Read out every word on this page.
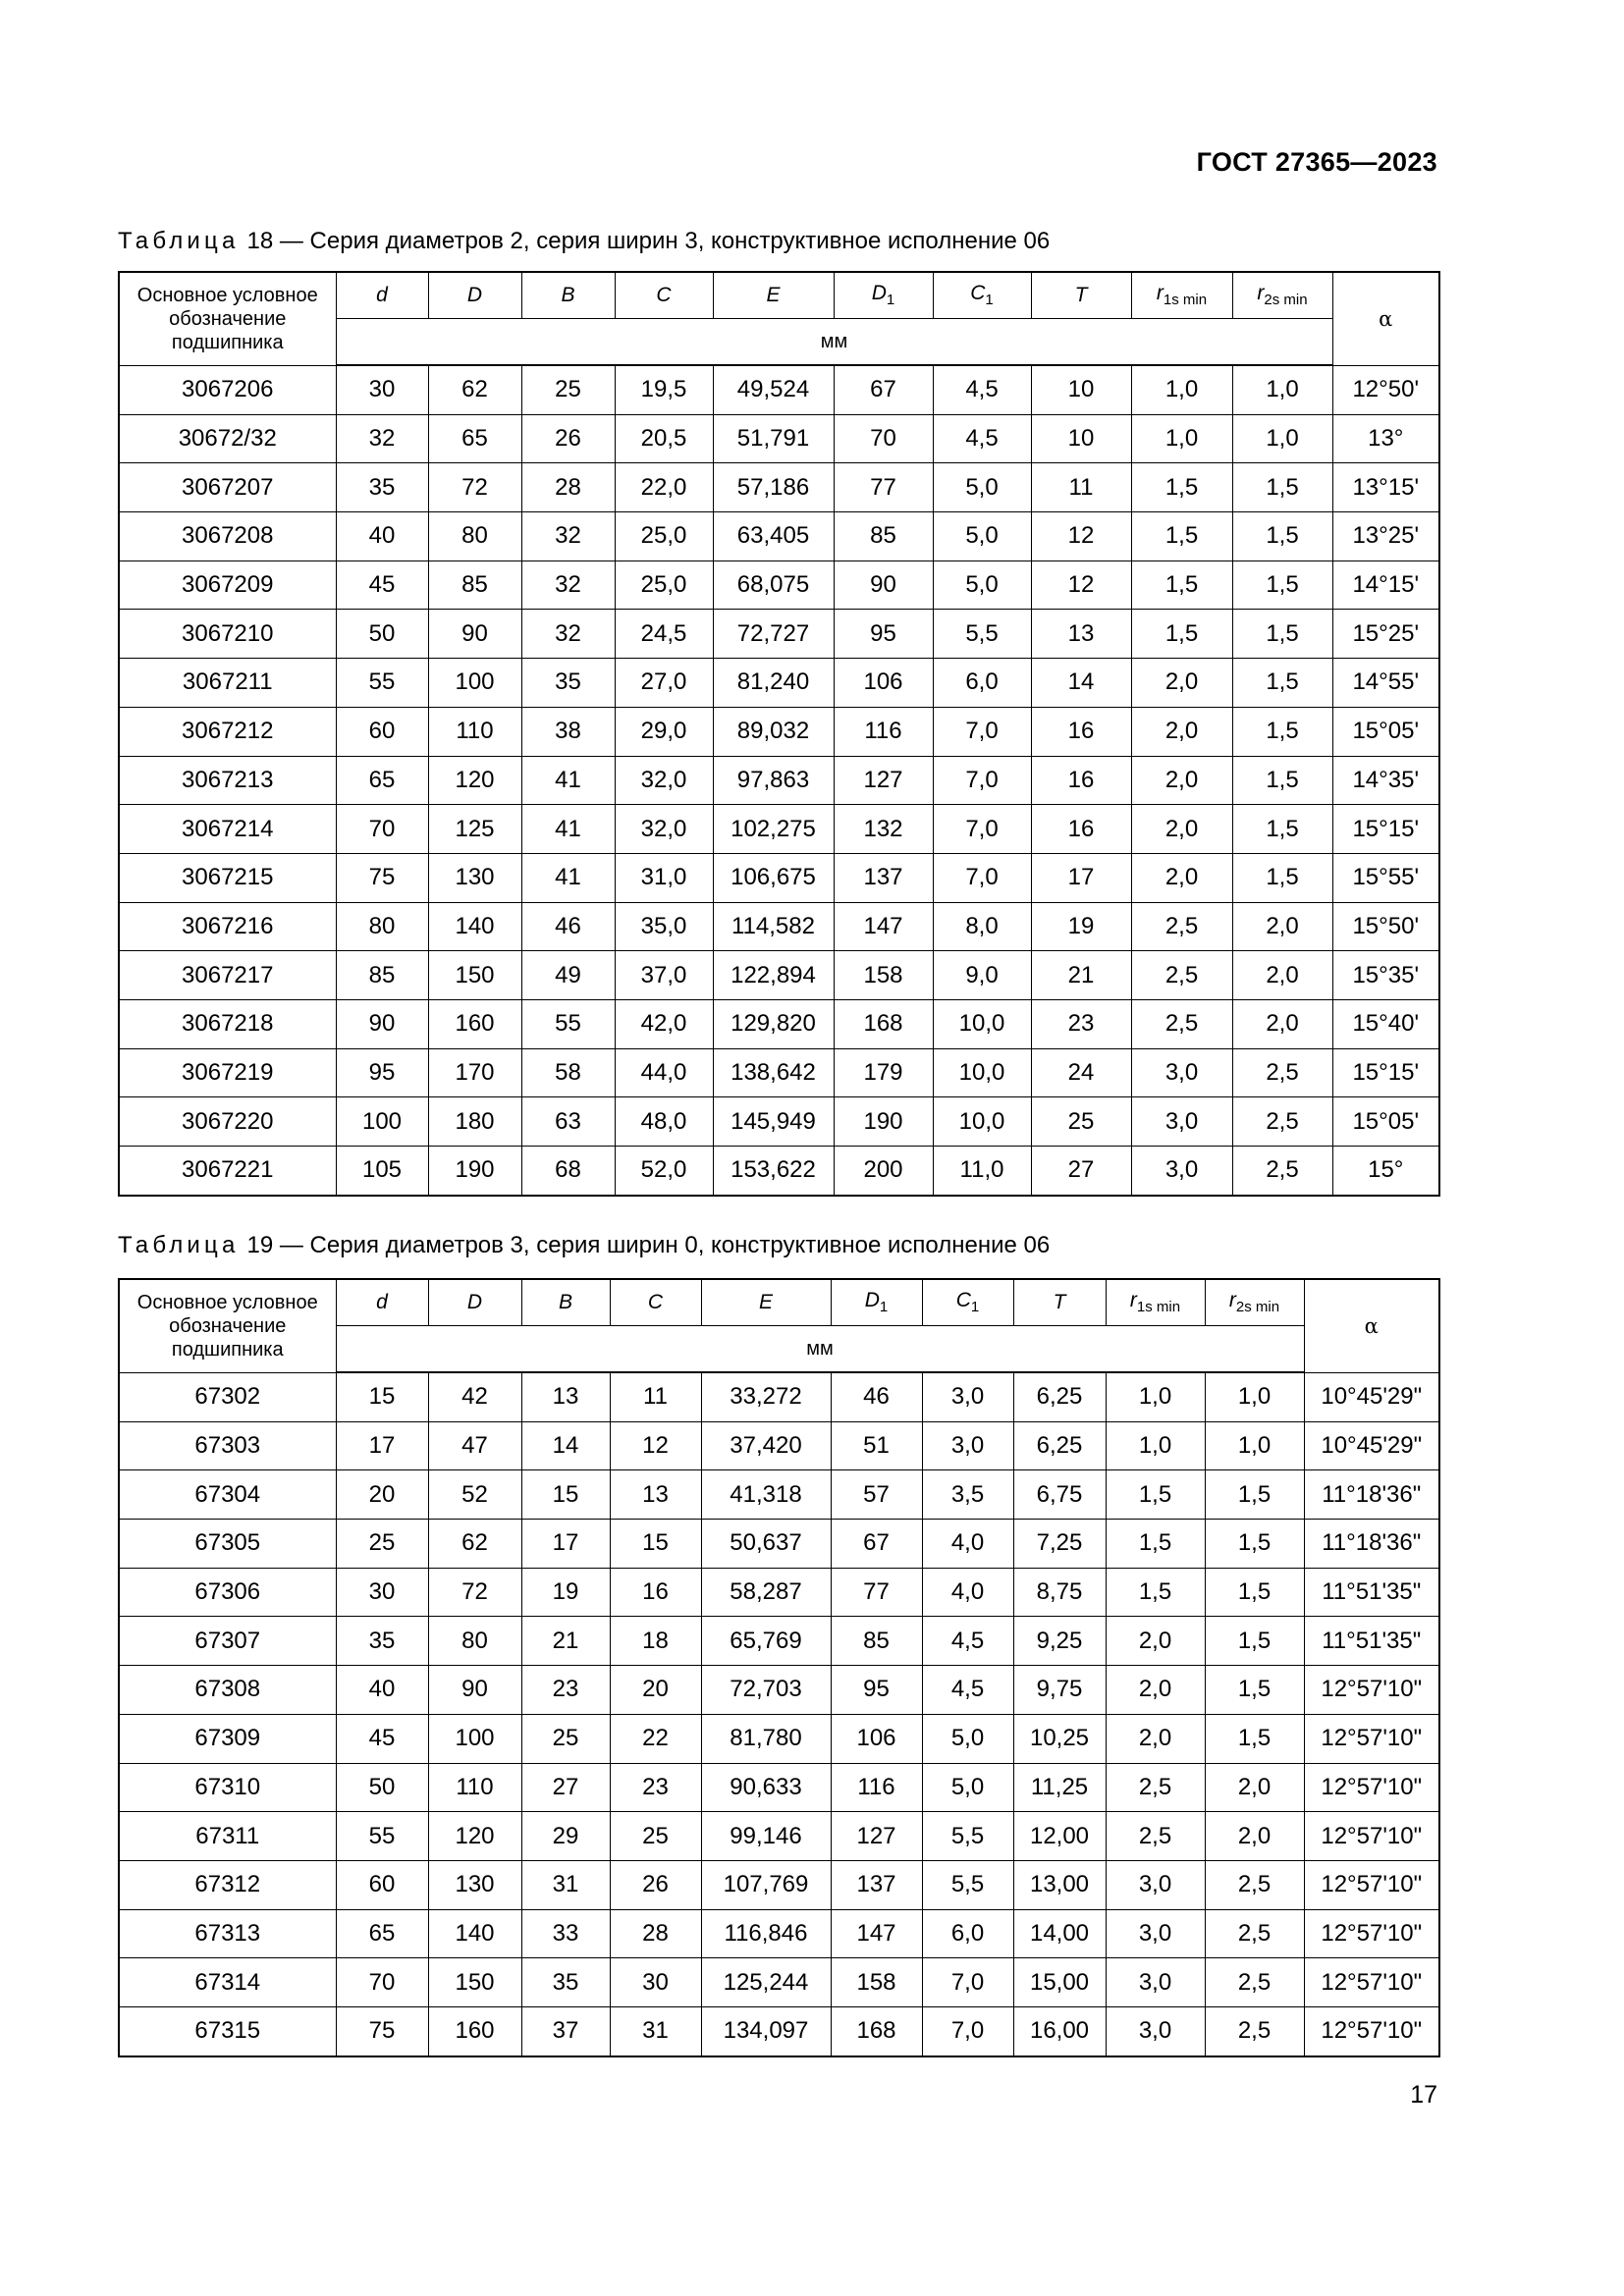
ГОСТ 27365—2023
Таблица 18 — Серия диаметров 2, серия ширин 3, конструктивное исполнение 06
Основное условное
обозначение
подшипника	d	D	B	C	E	$D_1$	$C_1$	T	$r_{1s min}$	$r_{2s min}$	α
	мм										
3067206	30	62	25	19,5	49,524	67	4,5	10	1,0	1,0	12°50'
30672/32	32	65	26	20,5	51,791	70	4,5	10	1,0	1,0	13°
3067207	35	72	28	22,0	57,186	77	5,0	11	1,5	1,5	13°15'
3067208	40	80	32	25,0	63,405	85	5,0	12	1,5	1,5	13°25'
3067209	45	85	32	25,0	68,075	90	5,0	12	1,5	1,5	14°15'
3067210	50	90	32	24,5	72,727	95	5,5	13	1,5	1,5	15°25'
3067211	55	100	35	27,0	81,240	106	6,0	14	2,0	1,5	14°55'
3067212	60	110	38	29,0	89,032	116	7,0	16	2,0	1,5	15°05'
3067213	65	120	41	32,0	97,863	127	7,0	16	2,0	1,5	14°35'
3067214	70	125	41	32,0	102,275	132	7,0	16	2,0	1,5	15°15'
3067215	75	130	41	31,0	106,675	137	7,0	17	2,0	1,5	15°55'
3067216	80	140	46	35,0	114,582	147	8,0	19	2,5	2,0	15°50'
3067217	85	150	49	37,0	122,894	158	9,0	21	2,5	2,0	15°35'
3067218	90	160	55	42,0	129,820	168	10,0	23	2,5	2,0	15°40'
3067219	95	170	58	44,0	138,642	179	10,0	24	3,0	2,5	15°15'
3067220	100	180	63	48,0	145,949	190	10,0	25	3,0	2,5	15°05'
3067221	105	190	68	52,0	153,622	200	11,0	27	3,0	2,5	15°
Таблица 19 — Серия диаметров 3, серия ширин 0, конструктивное исполнение 06
Основное условное
обозначение
подшипника	d	D	B	C	E	$D_1$	$C_1$	T	$r_{1s min}$	$r_{2s min}$	α
	мм										
67302	15	42	13	11	33,272	46	3,0	6,25	1,0	1,0	10°45'29"
67303	17	47	14	12	37,420	51	3,0	6,25	1,0	1,0	10°45'29"
67304	20	52	15	13	41,318	57	3,5	6,75	1,5	1,5	11°18'36"
67305	25	62	17	15	50,637	67	4,0	7,25	1,5	1,5	11°18'36"
67306	30	72	19	16	58,287	77	4,0	8,75	1,5	1,5	11°51'35"
67307	35	80	21	18	65,769	85	4,5	9,25	2,0	1,5	11°51'35"
67308	40	90	23	20	72,703	95	4,5	9,75	2,0	1,5	12°57'10"
67309	45	100	25	22	81,780	106	5,0	10,25	2,0	1,5	12°57'10"
67310	50	110	27	23	90,633	116	5,0	11,25	2,5	2,0	12°57'10"
67311	55	120	29	25	99,146	127	5,5	12,00	2,5	2,0	12°57'10"
67312	60	130	31	26	107,769	137	5,5	13,00	3,0	2,5	12°57'10"
67313	65	140	33	28	116,846	147	6,0	14,00	3,0	2,5	12°57'10"
67314	70	150	35	30	125,244	158	7,0	15,00	3,0	2,5	12°57'10"
67315	75	160	37	31	134,097	168	7,0	16,00	3,0	2,5	12°57'10"
17
